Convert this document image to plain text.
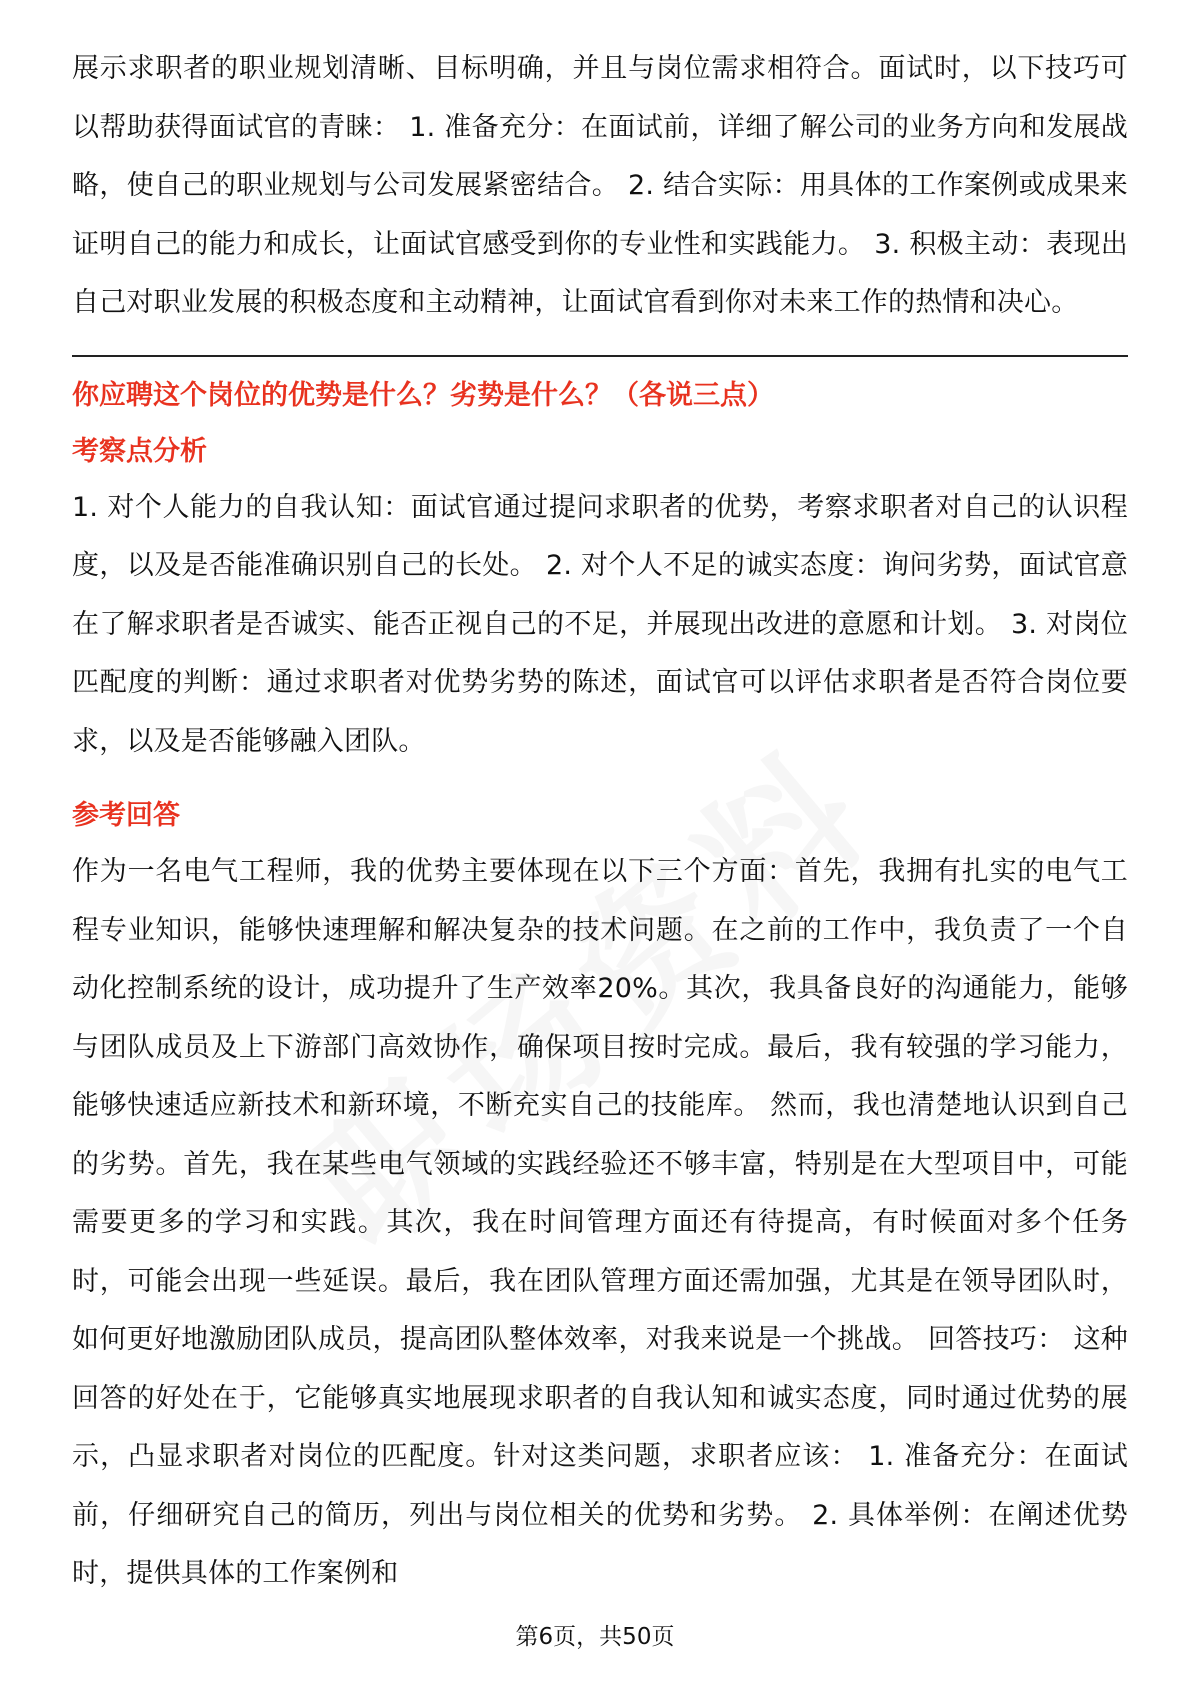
展示求职者的职业规划清晰、目标明确，并且与岗位需求相符合。面试时，以下技巧可以帮助获得面试官的青睐： 1. 准备充分：在面试前，详细了解公司的业务方向和发展战略，使自己的职业规划与公司发展紧密结合。 2. 结合实际：用具体的工作案例或成果来证明自己的能力和成长，让面试官感受到你的专业性和实践能力。 3. 积极主动：表现出自己对职业发展的积极态度和主动精神，让面试官看到你对未来工作的热情和决心。

你应聘这个岗位的优势是什么？劣势是什么？（各说三点）
考察点分析

1. 对个人能力的自我认知：面试官通过提问求职者的优势，考察求职者对自己的认识程度，以及是否能准确识别自己的长处。 2. 对个人不足的诚实态度：询问劣势，面试官意在了解求职者是否诚实、能否正视自己的不足，并展现出改进的意愿和计划。 3. 对岗位匹配度的判断：通过求职者对优势劣势的陈述，面试官可以评估求职者是否符合岗位要求，以及是否能够融入团队。

参考回答

作为一名电气工程师，我的优势主要体现在以下三个方面：首先，我拥有扎实的电气工程专业知识，能够快速理解和解决复杂的技术问题。在之前的工作中，我负责了一个自动化控制系统的设计，成功提升了生产效率20%。其次，我具备良好的沟通能力，能够与团队成员及上下游部门高效协作，确保项目按时完成。最后，我有较强的学习能力，能够快速适应新技术和新环境，不断充实自己的技能库。 然而，我也清楚地认识到自己的劣势。首先，我在某些电气领域的实践经验还不够丰富，特别是在大型项目中，可能需要更多的学习和实践。其次，我在时间管理方面还有待提高，有时候面对多个任务时，可能会出现一些延误。最后，我在团队管理方面还需加强，尤其是在领导团队时，如何更好地激励团队成员，提高团队整体效率，对我来说是一个挑战。 回答技巧： 这种回答的好处在于，它能够真实地展现求职者的自我认知和诚实态度，同时通过优势的展示，凸显求职者对岗位的匹配度。针对这类问题，求职者应该： 1. 准备充分：在面试前，仔细研究自己的简历，列出与岗位相关的优势和劣势。 2. 具体举例：在阐述优势时，提供具体的工作案例和

第6页，共50页
